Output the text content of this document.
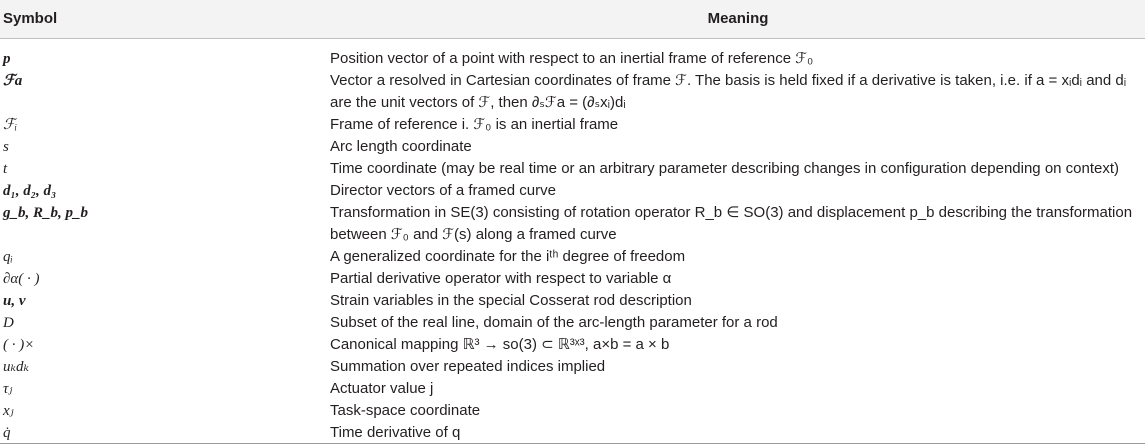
Symbol	Meaning
p	Position vector of a point with respect to an inertial frame of reference ℱ₀
ℱa	Vector a resolved in Cartesian coordinates of frame ℱ. The basis is held fixed if a derivative is taken, i.e. if a = xᵢdᵢ and dᵢ are the unit vectors of ℱ, then ∂ₛℱa = (∂ₛxᵢ)dᵢ
ℱᵢ	Frame of reference i. ℱ₀ is an inertial frame
s	Arc length coordinate
t	Time coordinate (may be real time or an arbitrary parameter describing changes in configuration depending on context)
d₁, d₂, d₃	Director vectors of a framed curve
g_b, R_b, p_b	Transformation in SE(3) consisting of rotation operator R_b ∈ SO(3) and displacement p_b describing the transformation between ℱ₀ and ℱ(s) along a framed curve
qᵢ	A generalized coordinate for the iᵗʰ degree of freedom
∂α( · )	Partial derivative operator with respect to variable α
u, v	Strain variables in the special Cosserat rod description
D	Subset of the real line, domain of the arc-length parameter for a rod
( · )×	Canonical mapping ℝ³ → so(3) ⊂ ℝ³ˣ³, a×b = a × b
uₖdₖ	Summation over repeated indices implied
τⱼ	Actuator value j
xⱼ	Task-space coordinate
q̇	Time derivative of q
